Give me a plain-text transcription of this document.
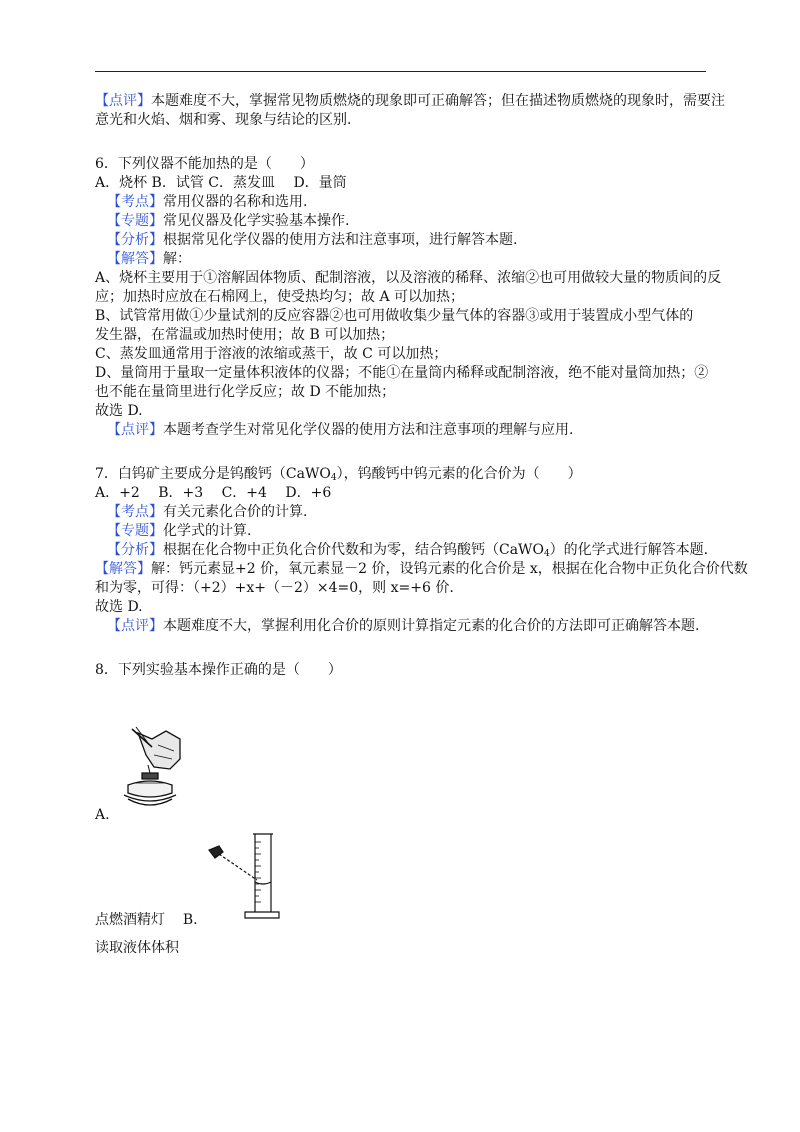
【点评】本题难度不大，掌握常见物质燃烧的现象即可正确解答；但在描述物质燃烧的现象时，需要注
意光和火焰、烟和雾、现象与结论的区别.
6．下列仪器不能加热的是（　　）
A．烧杯 B．试管 C．蒸发皿　 D．量筒
【考点】常用仪器的名称和选用.
【专题】常见仪器及化学实验基本操作.
【分析】根据常见化学仪器的使用方法和注意事项，进行解答本题.
【解答】解：
A、烧杯主要用于①溶解固体物质、配制溶液，以及溶液的稀释、浓缩②也可用做较大量的物质间的反
应；加热时应放在石棉网上，使受热均匀；故 A 可以加热；
B、试管常用做①少量试剂的反应容器②也可用做收集少量气体的容器③或用于装置成小型气体的
发生器，在常温或加热时使用；故 B 可以加热；
C、蒸发皿通常用于溶液的浓缩或蒸干，故 C 可以加热；
D、量筒用于量取一定量体积液体的仪器；不能①在量筒内稀释或配制溶液，绝不能对量筒加热；②
也不能在量筒里进行化学反应；故 D 不能加热；
故选 D.
【点评】本题考查学生对常见化学仪器的使用方法和注意事项的理解与应用.
7．白钨矿主要成分是钨酸钙（CaWO$_4$），钨酸钙中钨元素的化合价为（　　）
A．+2　 B．+3　 C．+4　 D．+6
【考点】有关元素化合价的计算.
【专题】化学式的计算.
【分析】根据在化合物中正负化合价代数和为零，结合钨酸钙（CaWO$_4$）的化学式进行解答本题.
【解答】解：钙元素显+2 价，氧元素显－2 价，设钨元素的化合价是 x，根据在化合物中正负化合价代数
和为零，可得：（+2）+x+（－2）×4=0，则 x=+6 价.
故选 D.
【点评】本题难度不大，掌握利用化合价的原则计算指定元素的化合价的方法即可正确解答本题.
8．下列实验基本操作正确的是（　　）
A.
点燃酒精灯 B.
读取液体体积
